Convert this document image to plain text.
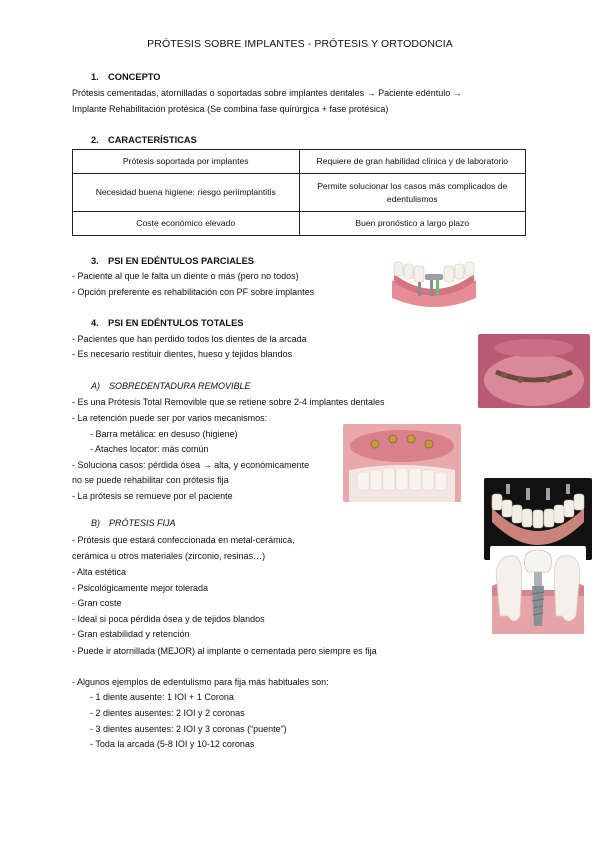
PRÓTESIS SOBRE IMPLANTES - PRÓTESIS Y ORTODONCIA
1. CONCEPTO
Prótesis cementadas, atornilladas o soportadas sobre implantes dentales → Paciente edéntulo →
Implante Rehabilitación protésica (Se combina fase quirúrgica + fase protésica)
2. CARACTERÍSTICAS
Prótesis soportada por implantes	Requiere de gran habilidad clínica y de laboratorio
Necesidad buena higiene: riesgo periimplantitis	Permite solucionar los casos más complicados de edentulismos
Coste económico elevado	Buen pronóstico a largo plazo
3. PSI EN EDÉNTULOS PARCIALES
- Paciente al que le falta un diente o más (pero no todos)
- Opción preferente es rehabilitación con PF sobre implantes
4. PSI EN EDÉNTULOS TOTALES
- Pacientes que han perdido todos los dientes de la arcada
- Es necesario restituir dientes, hueso y tejidos blandos
A) SOBREDENTADURA REMOVIBLE
- Es una Prótesis Total Removible que se retiene sobre 2-4 implantes dentales
- La retención puede ser por varios mecanismos:
- Barra metálica: en desuso (higiene)
- Ataches locator: más común
- Soluciona casos: pérdida ósea → alta, y económicamente
no se puede rehabilitar con prótesis fija
- La prótesis se remueve por el paciente
B) PRÓTESIS FIJA
- Prótesis que estará confeccionada en metal-cerámica,
cerámica u otros materiales (zirconio, resinas…)
- Alta estética
- Psicológicamente mejor tolerada
- Gran coste
- Ideal si poca pérdida ósea y de tejidos blandos
- Gran estabilidad y retención
- Puede ir atornillada (MEJOR) al implante o cementada pero siempre es fija
- Algunos ejemplos de edentulismo para fija más habituales son:
- 1 diente ausente: 1 IOI + 1 Corona
- 2 dientes ausentes: 2 IOI y 2 coronas
- 3 dientes ausentes: 2 IOI y 3 coronas (“puente”)
- Toda la arcada (5-8 IOI y 10-12 coronas
